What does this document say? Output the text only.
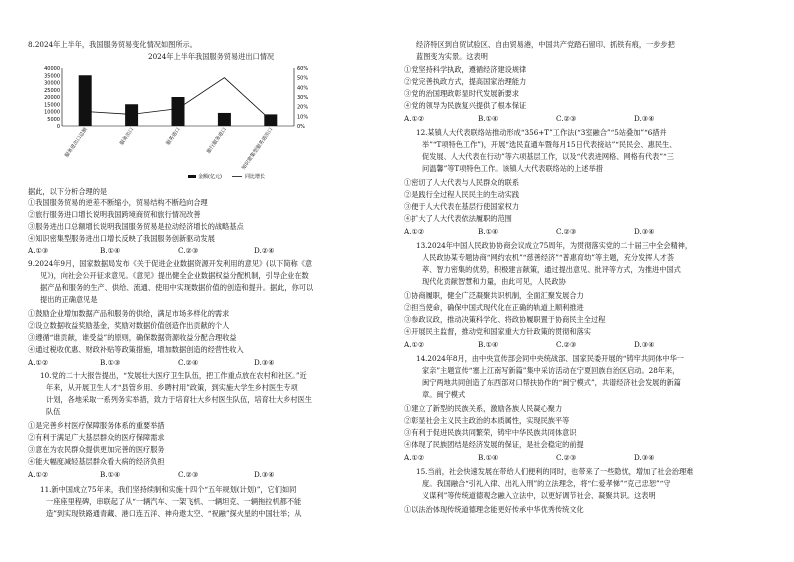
8.2024年上半年，我国服务贸易变化情况如图所示。
2024年上半年我国服务贸易进出口情况
0
5000
10000
15000
20000
25000
30000
35000
40000
0%
10%
20%
30%
40%
50%
60%
服务进出口总额	服务出口	服务进口	旅行服务进口	知识密集型服务进出口
金额(亿元)	同比增长
据此，以下分析合理的是
①我国服务贸易的逆差不断缩小，贸易结构不断趋向合理
②旅行服务进口增长说明我国跨境商贸和旅行情况改善
③服务进出口总额增长说明我国服务贸易是拉动经济增长的战略基点
④知识密集型服务进出口增长反映了我国服务创新驱动发展
A.①③	B.①④	C.②③	D.②④
9.2024年9月，国家数据局发布《关于促进企业数据资源开发利用的意见》(以下简称《意
见》)，向社会公开征求意见。《意见》提出健全企业数据权益分配机制，引导企业在数
据产品和服务的生产、供给、流通、使用中实现数据价值的创造和提升。据此，你可以
提出的正确意见是
①鼓励企业增加数据产品和服务的供给，满足市场多样化的需求
②设立数据收益奖励基金，奖励对数据价值创造作出贡献的个人
③遵循“谁贡献，谁受益”的原则，确保数据资源收益分配合理收益
④通过税收优惠、财政补贴等政策措施，增加数据创造的经营性收入
A.①②	B.①③	C.②④	D.③④
10.党的二十大报告提出，“发展壮大医疗卫生队伍，把工作重点放在农村和社区。”近
年来，从开展卫生人才“县管乡用、乡聘村用”政策，到实施大学生乡村医生专项
计划，各地采取一系列务实举措，致力于培育壮大乡村医生队伍，培育壮大乡村医生
队伍
①是完善乡村医疗保障服务体系的重要举措
②有利于满足广大基层群众的医疗保障需求
③意在为农民群众提供更加完善的医疗服务
④能大幅度减轻基层群众看大病的经济负担
A.①②	B.①④	C.②③	D.③④
11.新中国成立75年来，我们坚持续制和实施十四个“五年规划(计划)”，它们如同
一座座里程碑，串联起了从“一辆汽车、一架飞机、一辆坦克、一辆拖拉机都不能
造”到实现铁路通青藏、港口连五洋、神舟遨太空、“祝融”探火星的中国壮举；从
经济特区到自贸试验区、自由贸易港，中国共产党踏石留印、抓铁有痕，一步步把
蓝图变为实景。这表明
①党坚持科学执政，遵循经济建设规律
②党完善执政方式，提高国家治理能力
③党的治国理政彰显时代发展新要求
④党的领导为民族复兴提供了根本保证
A.①②	B.①④	C.②③	D.③④
12.某镇人大代表联络站推动形成“356+T”工作法(“3室融合”“5站叠加”“6措并
举”“T项特色工作”)，开展“选民直通车暨每月15日代表接站”“民民会、惠民生、
促发展、人大代表在行动”等六项基层工作，以及“代表进网格、网格有代表”“三
问温馨”等T项特色工作。该镇人大代表联络站的上述举措
①密切了人大代表与人民群众的联系
②是践行全过程人民民主的生动实践
③便于人大代表在基层行使国家权力
④扩大了人大代表依法履职的范围
A.①②	B.①④	C.②③	D.③④
13.2024年中国人民政协协商会议成立75周年，为贯彻落实党的二十届三中全会精神，
人民政协某专题协商“网约农机”“慈善经济”“普惠育幼”等主题，充分发挥人才荟
萃、智力密集的优势，积极建言献策，通过提出意见、批评等方式，为推进中国式
现代化贡献智慧和力量，由此可见，人民政协
①协商履职，健全广泛凝聚共识机制，全面汇聚发展合力
②担当使命，确保中国式现代化在正确的轨道上顺利推进
③参政议政，推动决策科学化、将政协履职置于协商民主全过程
④开展民主监督，推动党和国家重大方针政策的贯彻和落实
A.①②	B.①④	C.②③	D.③④
14.2024年8月，由中央宣传部会同中央统战部、国家民委开展的“铸牢共同体中华一
家亲”主题宣传“塞上江南写新篇”集中采访活动在宁夏回族自治区启动。28年来，
闽宁两地共同创造了东西部对口帮扶协作的“闽宁模式”，共谱经济社会发展的新篇
章。闽宁模式
①建立了新型的民族关系，激励各族人民凝心聚力
②彰显社会主义民主政治的本质属性，实现民族平等
③有利于促进民族共同繁荣，铸牢中华民族共同体意识
④体现了民族团结是经济发展的保证，是社会稳定的前提
A.①②	B.①④	C.②③	D.③④
15.当前，社会快速发展在带给人们便利的同时，也带来了一些隐忧，增加了社会治理难
度。我国融合“引礼入律、出礼入刑”的立法理念，将“仁爱孝悌”“克己忠恕”“守
义谋利”等传统道德观念融入立法中，以更好调节社会、凝聚共识。这表明
①以法治体现传统道德理念能更好传承中华优秀传统文化
